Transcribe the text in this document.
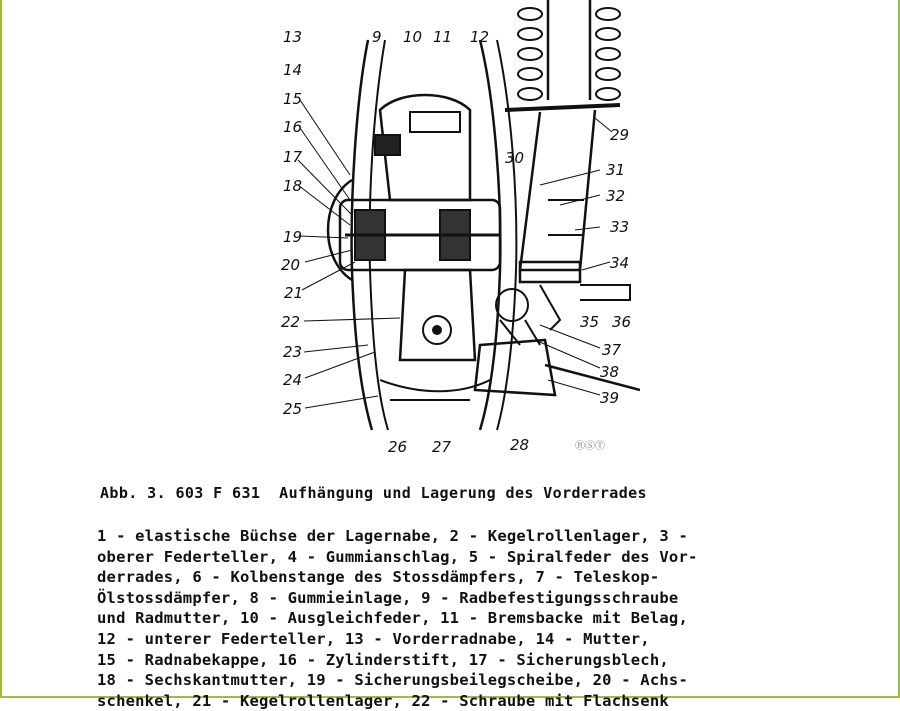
13
14
15
16
17
18
19
20
21
22
23
24
25
9 10 11 12
26 27	28
29
30
31
32
33
34
35 36
37
38
39
ⓇⓈⓉ
Abb. 3. 603 F 631  Aufhängung und Lagerung des Vorderrades
1 - elastische Büchse der Lagernabe, 2 - Kegelrollenlager, 3 -
oberer Federteller, 4 - Gummianschlag, 5 - Spiralfeder des Vor-
derrades, 6 - Kolbenstange des Stossdämpfers, 7 - Teleskop-
Ölstossdämpfer, 8 - Gummieinlage, 9 - Radbefestigungsschraube
und Radmutter, 10 - Ausgleichfeder, 11 - Bremsbacke mit Belag,
12 - unterer Federteller, 13 - Vorderradnabe, 14 - Mutter,
15 - Radnabekappe, 16 - Zylinderstift, 17 - Sicherungsblech,
18 - Sechskantmutter, 19 - Sicherungsbeilegscheibe, 20 - Achs-
schenkel, 21 - Kegelrollenlager, 22 - Schraube mit Flachsenk
